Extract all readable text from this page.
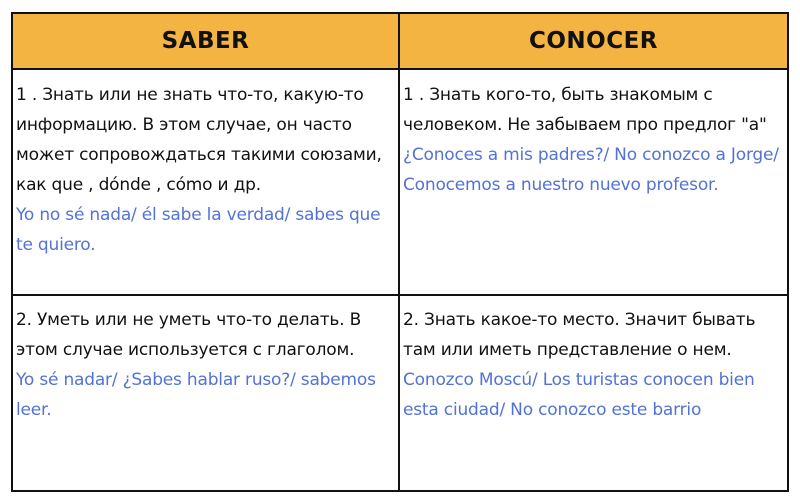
SABER	CONOCER

1 . Знать или не знать что-то, какую-то информацию. В этом случае, он часто может сопровождаться такими союзами, как que , dónde , cómo и др.

Yo no sé nada/ él sabe la verdad/ sabes que te quiero.

1 . Знать кого-то, быть знакомым с человеком. Не забываем про предлог "a"

¿Conoces a mis padres?/ No conozco a Jorge/ Conocemos a nuestro nuevo profesor.

2. Уметь или не уметь что-то делать. В этом случае используется с глаголом.

Yo sé nadar/ ¿Sabes hablar ruso?/ sabemos leer.

2. Знать какое-то место. Значит бывать там или иметь представление о нем.

Conozco Moscú/ Los turistas conocen bien esta ciudad/ No conozco este barrio
